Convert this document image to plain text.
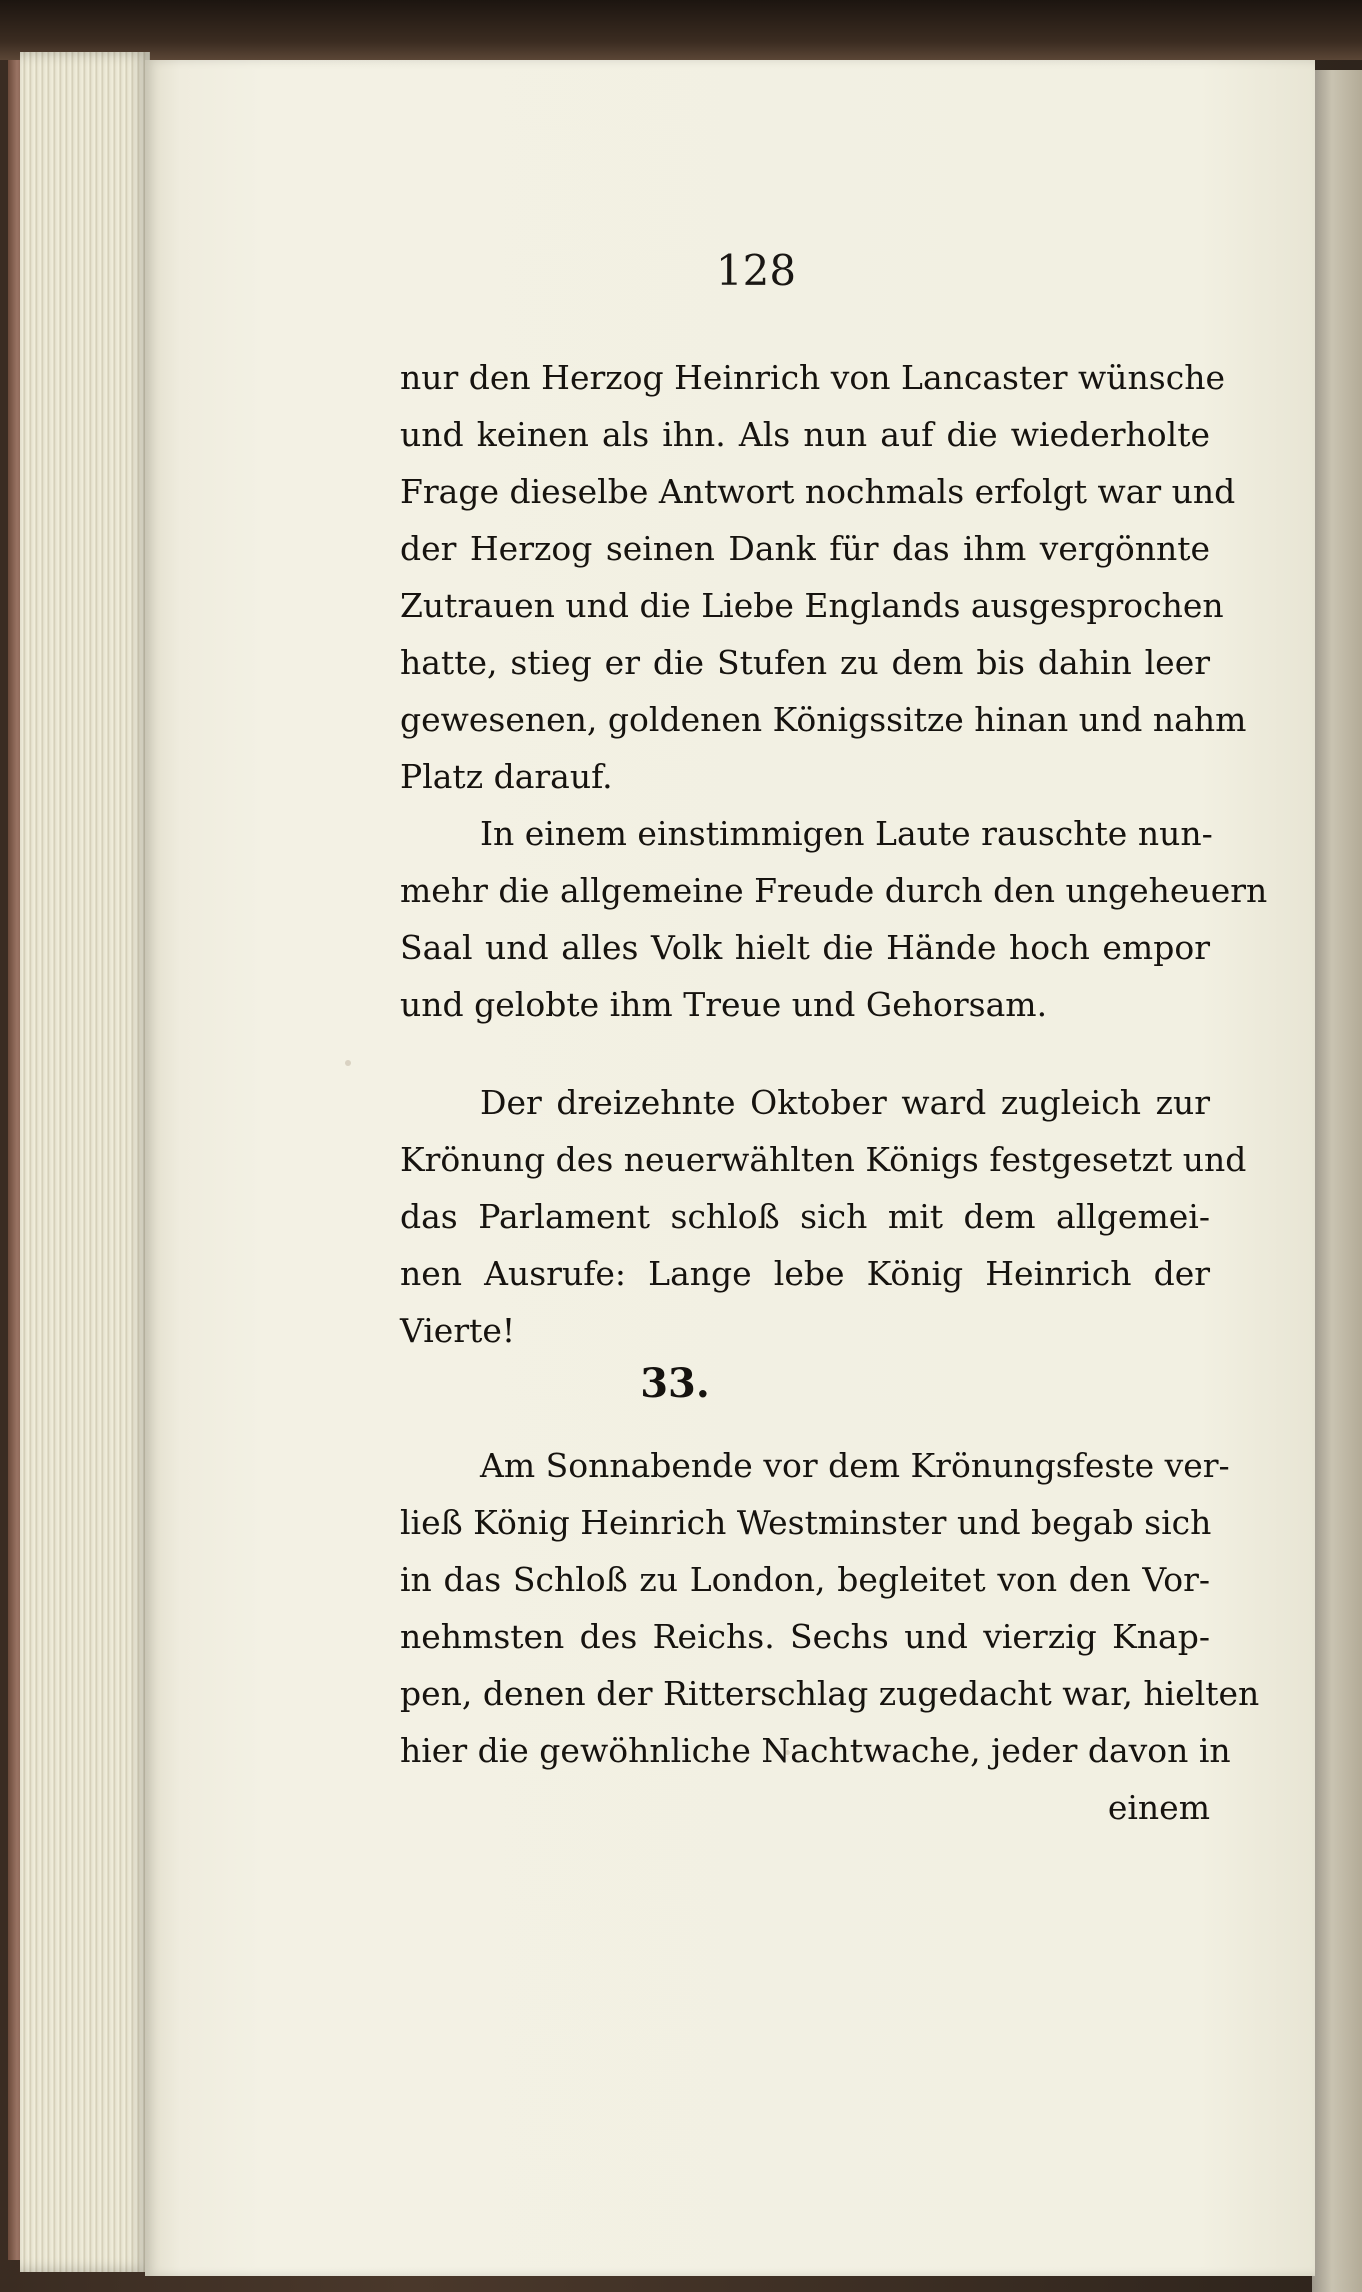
128

nur den Herzog Heinrich von Lancaster wünsche
und keinen als ihn. Als nun auf die wiederholte
Frage dieselbe Antwort nochmals erfolgt war und
der Herzog seinen Dank für das ihm vergönnte
Zutrauen und die Liebe Englands ausgesprochen
hatte, stieg er die Stufen zu dem bis dahin leer
gewesenen, goldenen Königssitze hinan und nahm
Platz darauf.

In einem einstimmigen Laute rauschte nun-
mehr die allgemeine Freude durch den ungeheuern
Saal und alles Volk hielt die Hände hoch empor
und gelobte ihm Treue und Gehorsam.

Der dreizehnte Oktober ward zugleich zur
Krönung des neuerwählten Königs festgesetzt und
das Parlament schloß sich mit dem allgemei-
nen Ausrufe: Lange lebe König Heinrich der
Vierte!

33.

Am Sonnabende vor dem Krönungsfeste ver-
ließ König Heinrich Westminster und begab sich
in das Schloß zu London, begleitet von den Vor-
nehmsten des Reichs. Sechs und vierzig Knap-
pen, denen der Ritterschlag zugedacht war, hielten
hier die gewöhnliche Nachtwache, jeder davon in

einem
